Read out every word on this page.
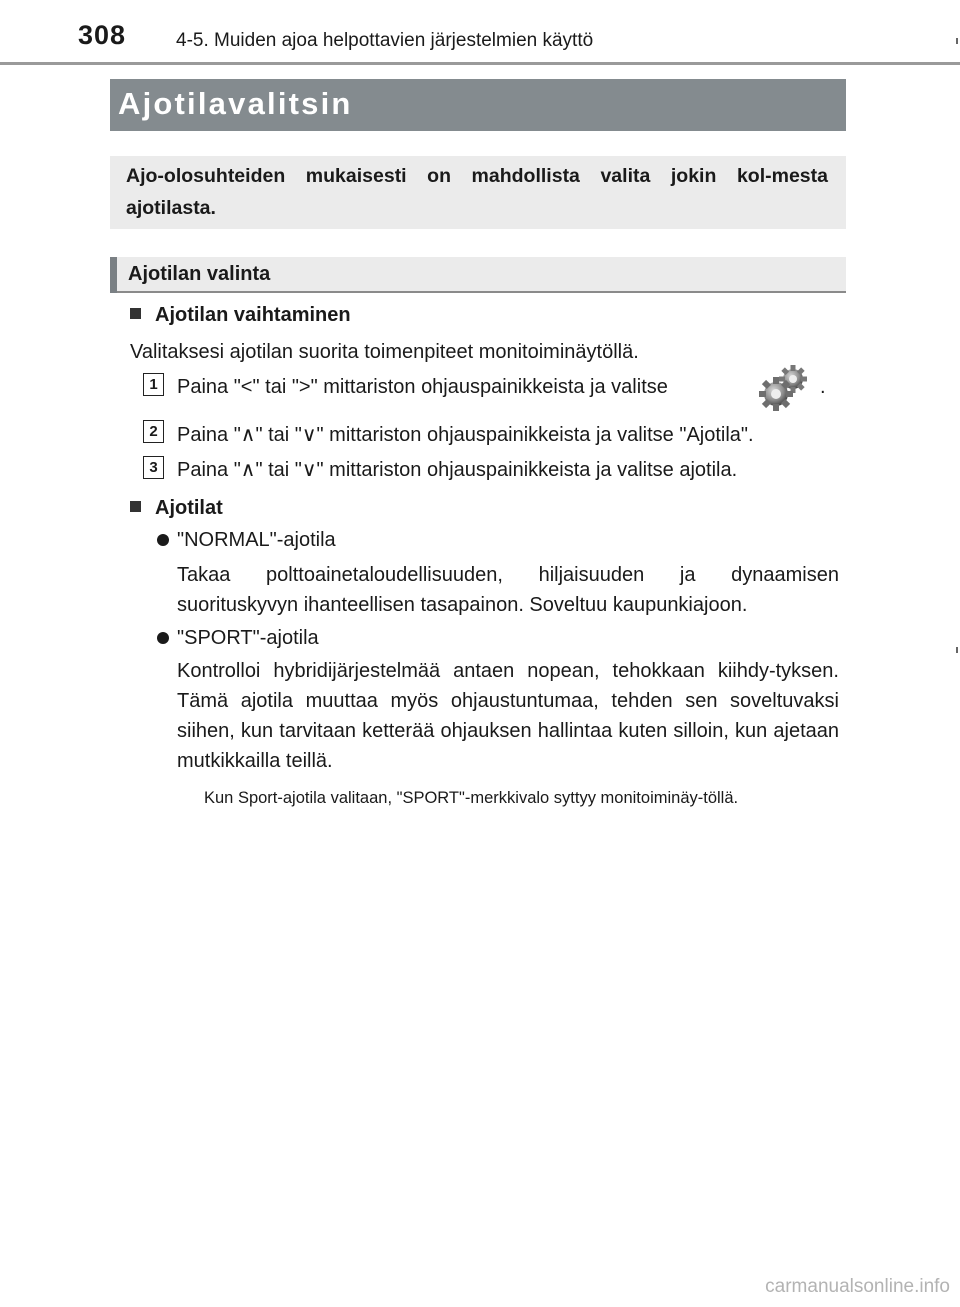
308	4-5. Muiden ajoa helpottavien järjestelmien käyttö
Ajotilavalitsin
Ajo-olosuhteiden mukaisesti on mahdollista valita jokin kol-mesta ajotilasta.
Ajotilan valinta
Ajotilan vaihtaminen
Valitaksesi ajotilan suorita toimenpiteet monitoiminäytöllä.
1 Paina "<" tai ">" mittariston ohjauspainikkeista ja valitse	.
2 Paina "∧" tai "∨" mittariston ohjauspainikkeista ja valitse "Ajotila".
3 Paina "∧" tai "∨" mittariston ohjauspainikkeista ja valitse ajotila.
Ajotilat
"NORMAL"-ajotila
Takaa polttoainetaloudellisuuden, hiljaisuuden ja dynaamisen suorituskyvyn ihanteellisen tasapainon. Soveltuu kaupunkiajoon.
"SPORT"-ajotila
Kontrolloi hybridijärjestelmää antaen nopean, tehokkaan kiihdy-tyksen. Tämä ajotila muuttaa myös ohjaustuntumaa, tehden sen soveltuvaksi siihen, kun tarvitaan ketterää ohjauksen hallintaa kuten silloin, kun ajetaan mutkikkailla teillä.
Kun Sport-ajotila valitaan, "SPORT"-merkkivalo syttyy monitoiminäy-töllä.
carmanualsonline.info
